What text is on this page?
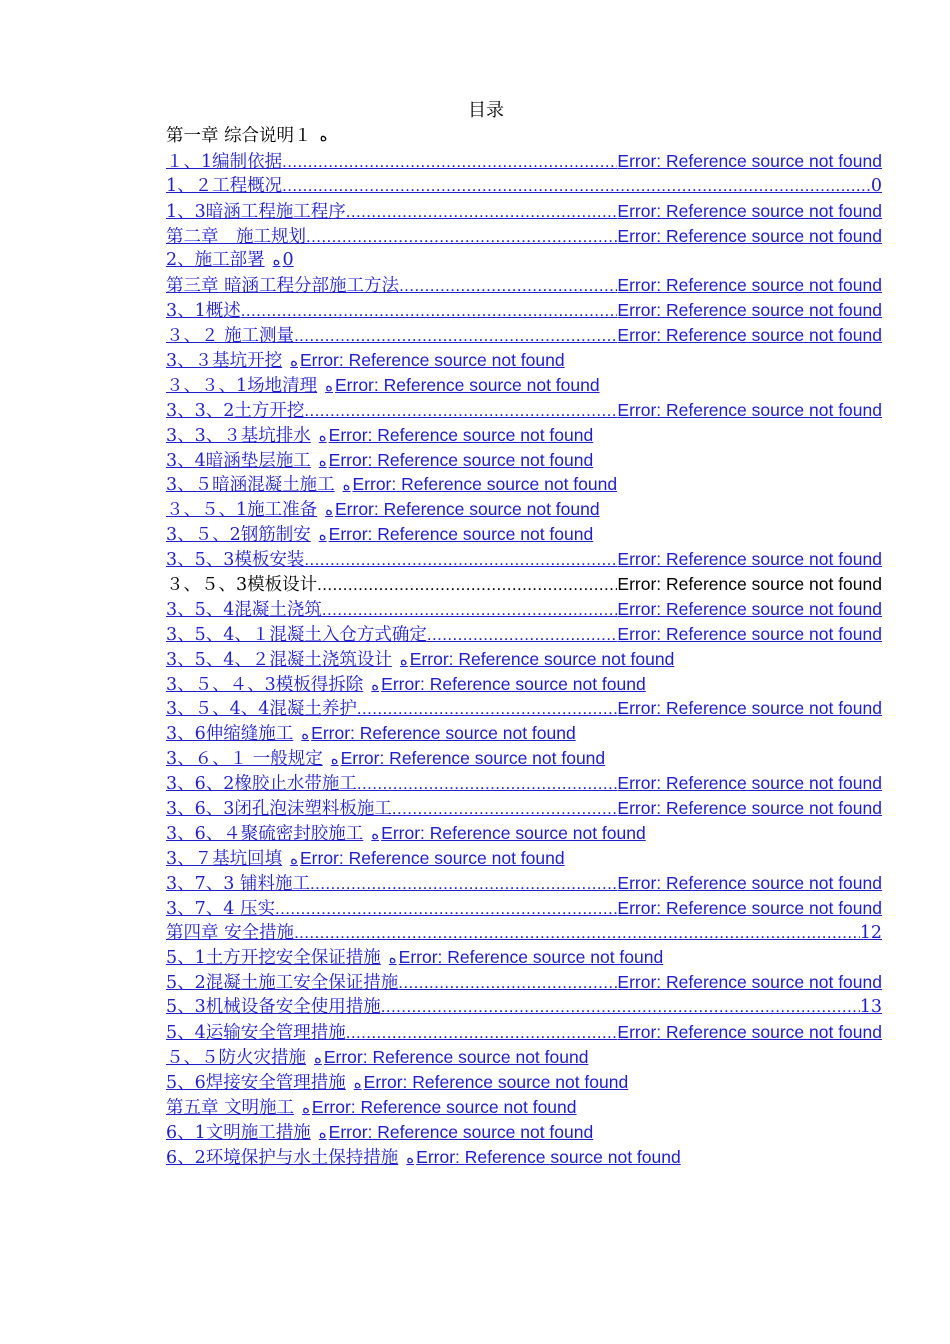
目录
第一章 综合说明１ ﻩ
１、1编制依据 .....	Error: Reference source not found
1、２工程概况 .....	0
1、3暗涵工程施工程序 .....	Error: Reference source not found
第二章　施工规划 .....	Error: Reference source not found
2、施工部署 ﻩ 0
第三章 暗涵工程分部施工方法 .....	Error: Reference source not found
3、1概述 .....	Error: Reference source not found
３、２ 施工测量 .....	Error: Reference source not found
3、３基坑开挖 ﻩ Error: Reference source not found
３、３、1场地清理 ﻩ Error: Reference source not found
3、3、2土方开挖 .....	Error: Reference source not found
3、3、３基坑排水 ﻩ Error: Reference source not found
3、4暗涵垫层施工 ﻩ Error: Reference source not found
3、５暗涵混凝土施工 ﻩ Error: Reference source not found
３、５、1施工准备 ﻩ Error: Reference source not found
3、５、2钢筋制安 ﻩ Error: Reference source not found
3、5、3模板安装 .....	Error: Reference source not found
３、５、3模板设计 .....	Error: Reference source not found
3、5、4混凝土浇筑 .....	Error: Reference source not found
3、5、4、１混凝土入仓方式确定 .....	Error: Reference source not found
3、5、4、２混凝土浇筑设计 ﻩ Error: Reference source not found
3、５、４、3模板得拆除 ﻩ Error: Reference source not found
3、５、4、4混凝土养护 .....	Error: Reference source not found
3、6伸缩缝施工 ﻩ Error: Reference source not found
3、６、１ 一般规定 ﻩ Error: Reference source not found
3、6、2橡胶止水带施工 .....	Error: Reference source not found
3、6、3闭孔泡沫塑料板施工 .....	Error: Reference source not found
3、6、４聚硫密封胶施工 ﻩ Error: Reference source not found
3、７基坑回填 ﻩ Error: Reference source not found
3、7、3 铺料施工 .....	Error: Reference source not found
3、7、4 压实 .....	Error: Reference source not found
第四章 安全措施 .....	12
5、1土方开挖安全保证措施 ﻩ Error: Reference source not found
5、2混凝土施工安全保证措施 .....	Error: Reference source not found
5、3机械设备安全使用措施 .....	13
5、4运输安全管理措施 .....	Error: Reference source not found
５、５防火灾措施 ﻩ Error: Reference source not found
5、6焊接安全管理措施 ﻩ Error: Reference source not found
第五章 文明施工 ﻩ Error: Reference source not found
6、1文明施工措施 ﻩ Error: Reference source not found
6、2环境保护与水土保持措施 ﻩ Error: Reference source not found
